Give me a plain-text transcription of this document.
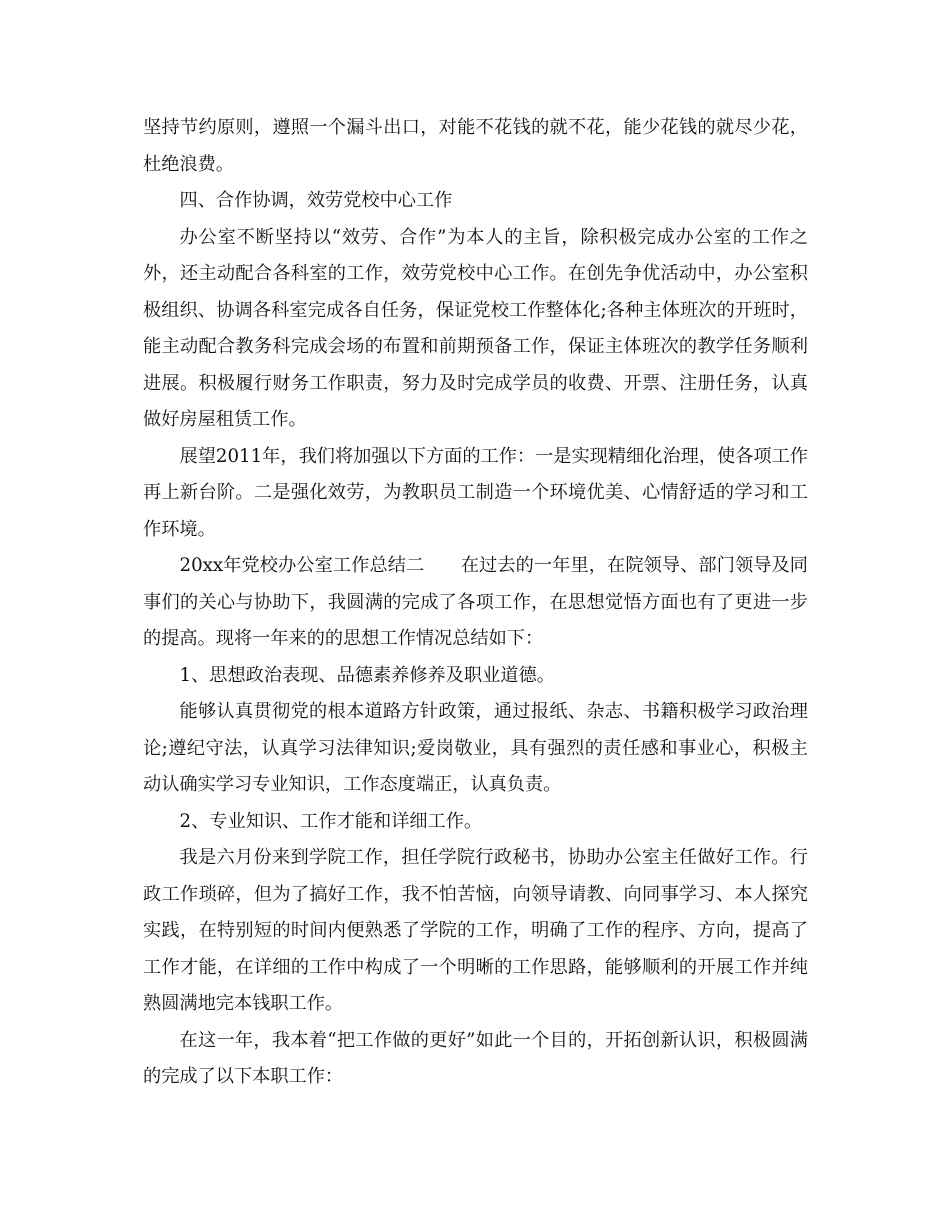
坚持节约原则，遵照一个漏斗出口，对能不花钱的就不花，能少花钱的就尽少花，杜绝浪费。

四、合作协调，效劳党校中心工作

办公室不断坚持以“效劳、合作”为本人的主旨，除积极完成办公室的工作之外，还主动配合各科室的工作，效劳党校中心工作。在创先争优活动中，办公室积极组织、协调各科室完成各自任务，保证党校工作整体化;各种主体班次的开班时，能主动配合教务科完成会场的布置和前期预备工作，保证主体班次的教学任务顺利进展。积极履行财务工作职责，努力及时完成学员的收费、开票、注册任务，认真做好房屋租赁工作。

展望2011年，我们将加强以下方面的工作：一是实现精细化治理，使各项工作再上新台阶。二是强化效劳，为教职员工制造一个环境优美、心情舒适的学习和工作环境。

20xx年党校办公室工作总结二　　在过去的一年里，在院领导、部门领导及同事们的关心与协助下，我圆满的完成了各项工作，在思想觉悟方面也有了更进一步的提高。现将一年来的的思想工作情况总结如下：

1、思想政治表现、品德素养修养及职业道德。

能够认真贯彻党的根本道路方针政策，通过报纸、杂志、书籍积极学习政治理论;遵纪守法，认真学习法律知识;爱岗敬业，具有强烈的责任感和事业心，积极主动认确实学习专业知识，工作态度端正，认真负责。

2、专业知识、工作才能和详细工作。

我是六月份来到学院工作，担任学院行政秘书，协助办公室主任做好工作。行政工作琐碎，但为了搞好工作，我不怕苦恼，向领导请教、向同事学习、本人探究实践，在特别短的时间内便熟悉了学院的工作，明确了工作的程序、方向，提高了工作才能，在详细的工作中构成了一个明晰的工作思路，能够顺利的开展工作并纯熟圆满地完本钱职工作。

在这一年，我本着“把工作做的更好”如此一个目的，开拓创新认识，积极圆满的完成了以下本职工作：
